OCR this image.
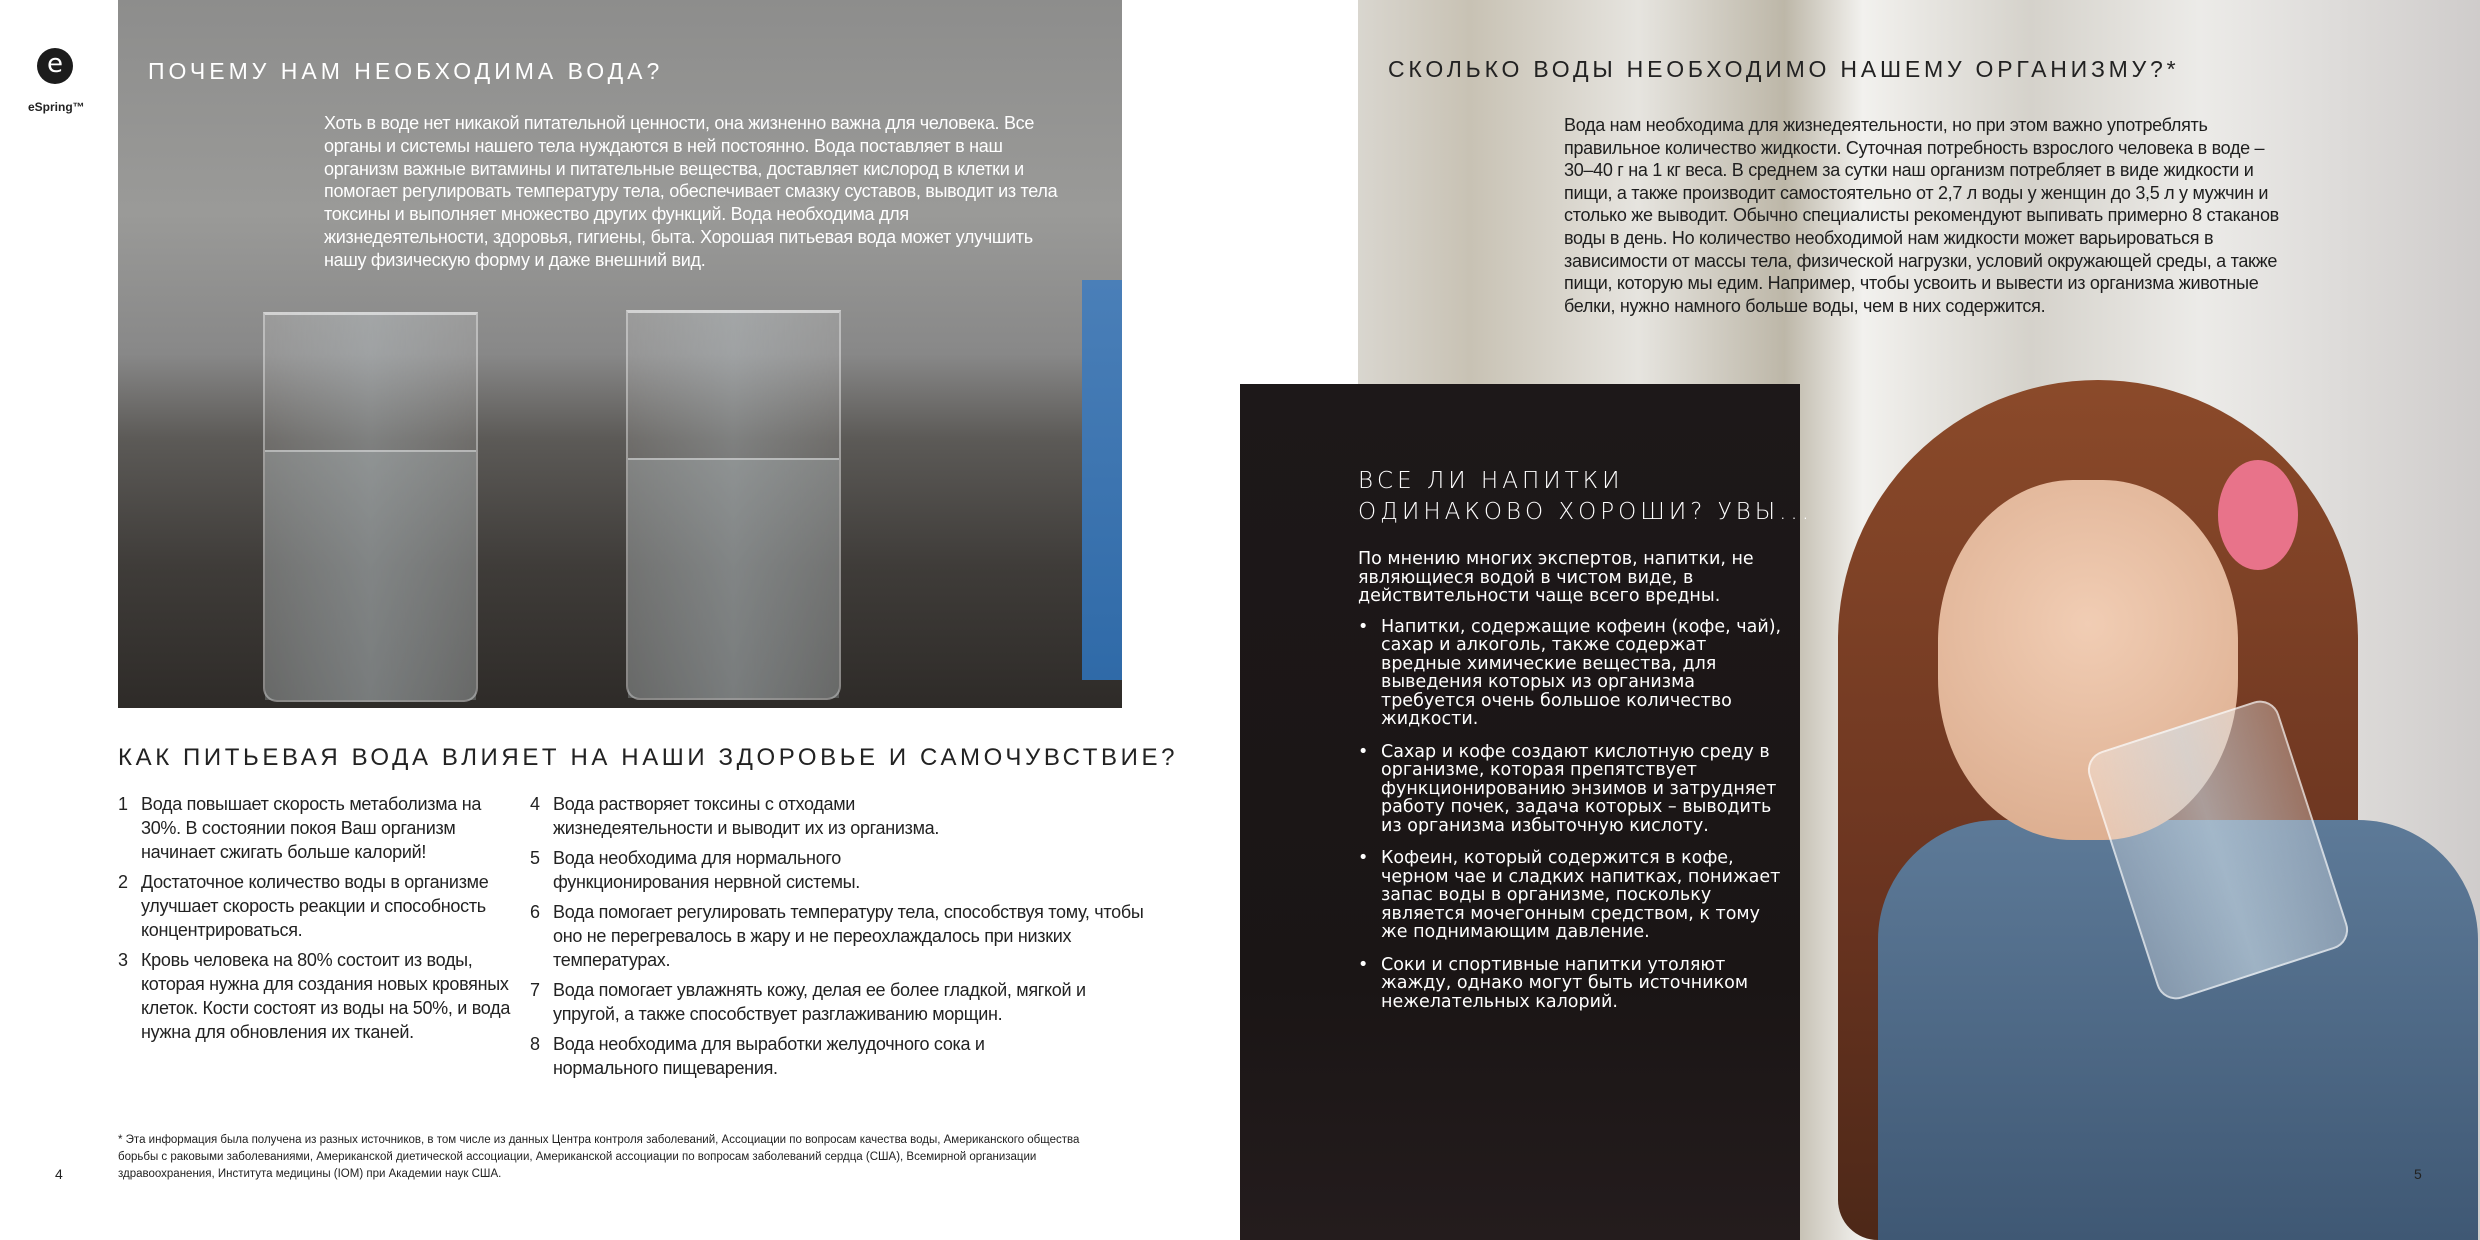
e
eSpring™
ПОЧЕМУ НАМ НЕОБХОДИМА ВОДА?
Хоть в воде нет никакой питательной ценности, она жизненно важна для человека. Все органы и системы нашего тела нуждаются в ней постоянно. Вода поставляет в наш организм важные витамины и питательные вещества, доставляет кислород в клетки и помогает регулировать температуру тела, обеспечивает смазку суставов, выводит из тела токсины и выполняет множество других функций. Вода необходима для жизнедеятельности, здоровья, гигиены, быта. Хорошая питьевая вода может улучшить нашу физическую форму и даже внешний вид.
КАК ПИТЬЕВАЯ ВОДА ВЛИЯЕТ НА НАШИ ЗДОРОВЬЕ И САМОЧУВСТВИЕ?
1 Вода повышает скорость метаболизма на 30%. В состоянии покоя Ваш организм начинает сжигать больше калорий!
2 Достаточное количество воды в организме улучшает скорость реакции и способность концентрироваться.
3 Кровь человека на 80% состоит из воды, которая нужна для создания новых кровяных клеток. Кости состоят из воды на 50%, и вода нужна для обновления их тканей.
4 Вода растворяет токсины с отходами жизнедеятельности и выводит их из организма.
5 Вода необходима для нормального функционирования нервной системы.
6 Вода помогает регулировать температуру тела, способствуя тому, чтобы оно не перегревалось в жару и не переохлаждалось при низких температурах.
7 Вода помогает увлажнять кожу, делая ее более гладкой, мягкой и упругой, а также способствует разглаживанию морщин.
8 Вода необходима для выработки желудочного сока и нормального пищеварения.
* Эта информация была получена из разных источников, в том числе из данных Центра контроля заболеваний, Ассоциации по вопросам качества воды, Американского общества борьбы с раковыми заболеваниями, Американской диетической ассоциации, Американской ассоциации по вопросам заболеваний сердца (США), Всемирной организации здравоохранения, Института медицины (IOM) при Академии наук США.
4
СКОЛЬКО ВОДЫ НЕОБХОДИМО НАШЕМУ ОРГАНИЗМУ?*
Вода нам необходима для жизнедеятельности, но при этом важно употреблять правильное количество жидкости. Суточная потребность взрослого человека в воде – 30–40 г на 1 кг веса. В среднем за сутки наш организм потребляет в виде жидкости и пищи, а также производит самостоятельно от 2,7 л воды у женщин до 3,5 л у мужчин и столько же выводит. Обычно специалисты рекомендуют выпивать примерно 8 стаканов воды в день. Но количество необходимой нам жидкости может варьироваться в зависимости от массы тела, физической нагрузки, условий окружающей среды, а также пищи, которую мы едим. Например, чтобы усвоить и вывести из организма животные белки, нужно намного больше воды, чем в них содержится.
ВСЕ ЛИ НАПИТКИ
ОДИНАКОВО ХОРОШИ? УВЫ...
По мнению многих экспертов, напитки, не являющиеся водой в чистом виде, в действительности чаще всего вредны.
• Напитки, содержащие кофеин (кофе, чай), сахар и алкоголь, также содержат вредные химические вещества, для выведения которых из организма требуется очень большое количество жидкости.
• Сахар и кофе создают кислотную среду в организме, которая препятствует функционированию энзимов и затрудняет работу почек, задача которых – выводить из организма избыточную кислоту.
• Кофеин, который содержится в кофе, черном чае и сладких напитках, понижает запас воды в организме, поскольку является мочегонным средством, к тому же поднимающим давление.
• Соки и спортивные напитки утоляют жажду, однако могут быть источником нежелательных калорий.
5
